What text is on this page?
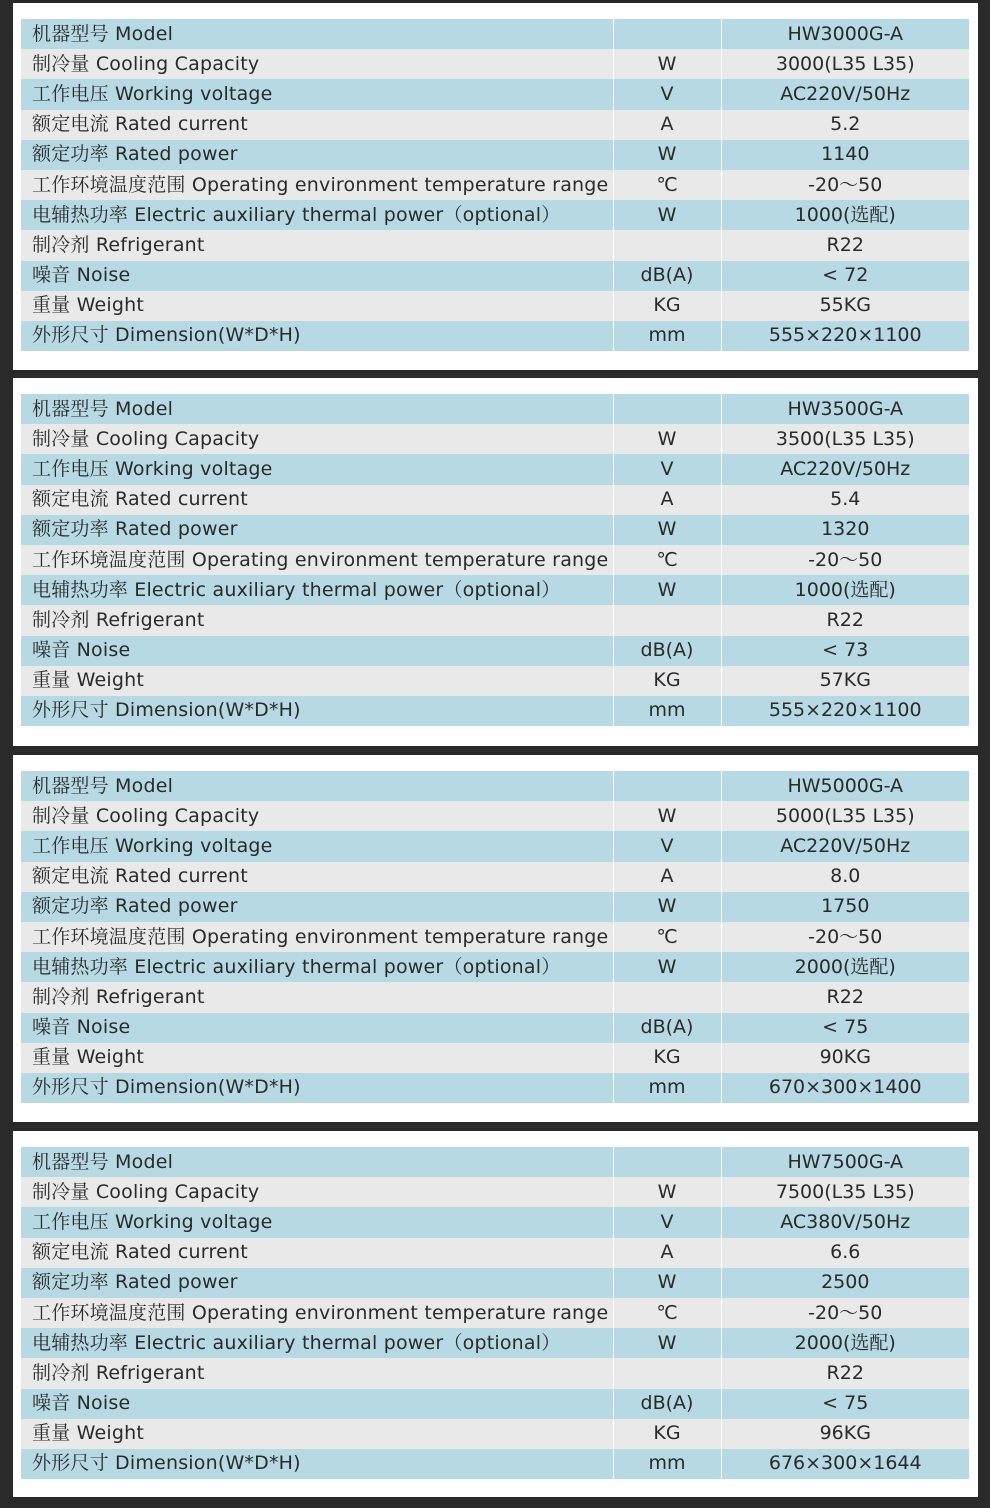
机器型号 Model		HW3000G-A
制冷量 Cooling Capacity	W	3000(L35 L35)
工作电压 Working voltage	V	AC220V/50Hz
额定电流 Rated current	A	5.2
额定功率 Rated power	W	1140
工作环境温度范围 Operating environment temperature range	℃	-20～50
电辅热功率 Electric auxiliary thermal power（optional）	W	1000(选配)
制冷剂 Refrigerant		R22
噪音 Noise	dB(A)	< 72
重量 Weight	KG	55KG
外形尺寸 Dimension(W*D*H)	mm	555×220×1100
机器型号 Model		HW3500G-A
制冷量 Cooling Capacity	W	3500(L35 L35)
工作电压 Working voltage	V	AC220V/50Hz
额定电流 Rated current	A	5.4
额定功率 Rated power	W	1320
工作环境温度范围 Operating environment temperature range	℃	-20～50
电辅热功率 Electric auxiliary thermal power（optional）	W	1000(选配)
制冷剂 Refrigerant		R22
噪音 Noise	dB(A)	< 73
重量 Weight	KG	57KG
外形尺寸 Dimension(W*D*H)	mm	555×220×1100
机器型号 Model		HW5000G-A
制冷量 Cooling Capacity	W	5000(L35 L35)
工作电压 Working voltage	V	AC220V/50Hz
额定电流 Rated current	A	8.0
额定功率 Rated power	W	1750
工作环境温度范围 Operating environment temperature range	℃	-20～50
电辅热功率 Electric auxiliary thermal power（optional）	W	2000(选配)
制冷剂 Refrigerant		R22
噪音 Noise	dB(A)	< 75
重量 Weight	KG	90KG
外形尺寸 Dimension(W*D*H)	mm	670×300×1400
机器型号 Model		HW7500G-A
制冷量 Cooling Capacity	W	7500(L35 L35)
工作电压 Working voltage	V	AC380V/50Hz
额定电流 Rated current	A	6.6
额定功率 Rated power	W	2500
工作环境温度范围 Operating environment temperature range	℃	-20～50
电辅热功率 Electric auxiliary thermal power（optional）	W	2000(选配)
制冷剂 Refrigerant		R22
噪音 Noise	dB(A)	< 75
重量 Weight	KG	96KG
外形尺寸 Dimension(W*D*H)	mm	676×300×1644
